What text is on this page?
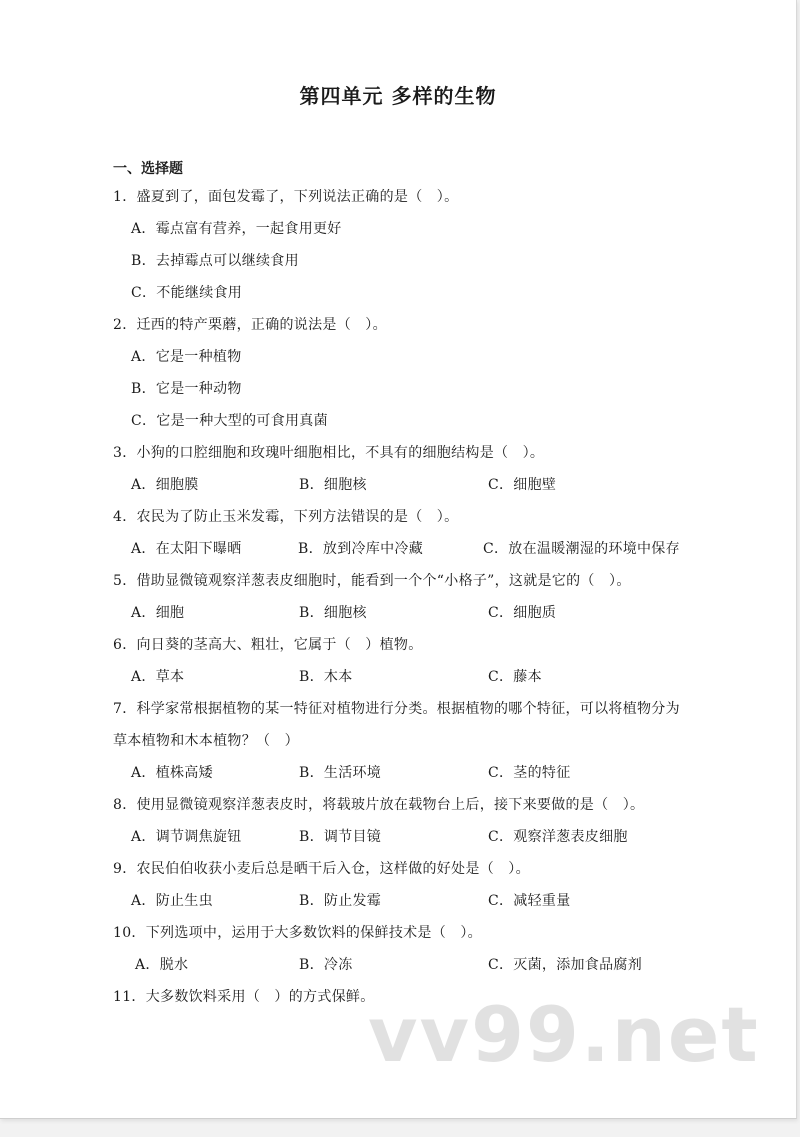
第四单元 多样的生物
一、选择题
1．盛夏到了，面包发霉了，下列说法正确的是（　）。
A．霉点富有营养，一起食用更好
B．去掉霉点可以继续食用
C．不能继续食用
2．迁西的特产栗蘑，正确的说法是（　）。
A．它是一种植物
B．它是一种动物
C．它是一种大型的可食用真菌
3．小狗的口腔细胞和玫瑰叶细胞相比，不具有的细胞结构是（　）。
A．细胞膜	B．细胞核	C．细胞壁
4．农民为了防止玉米发霉，下列方法错误的是（　）。
A．在太阳下曝晒	B．放到冷库中冷藏	C．放在温暖潮湿的环境中保存
5．借助显微镜观察洋葱表皮细胞时，能看到一个个“小格子”，这就是它的（　）。
A．细胞	B．细胞核	C．细胞质
6．向日葵的茎高大、粗壮，它属于（　）植物。
A．草本	B．木本	C．藤本
7．科学家常根据植物的某一特征对植物进行分类。根据植物的哪个特征，可以将植物分为
草本植物和木本植物？（　）
A．植株高矮	B．生活环境	C．茎的特征
8．使用显微镜观察洋葱表皮时，将载玻片放在载物台上后，接下来要做的是（　）。
A．调节调焦旋钮	B．调节目镜	C．观察洋葱表皮细胞
9．农民伯伯收获小麦后总是晒干后入仓，这样做的好处是（　）。
A．防止生虫	B．防止发霉	C．减轻重量
10．下列选项中，运用于大多数饮料的保鲜技术是（　）。
A．脱水	B．冷冻	C．灭菌，添加食品腐剂
11．大多数饮料采用（　）的方式保鲜。
vv99.net
